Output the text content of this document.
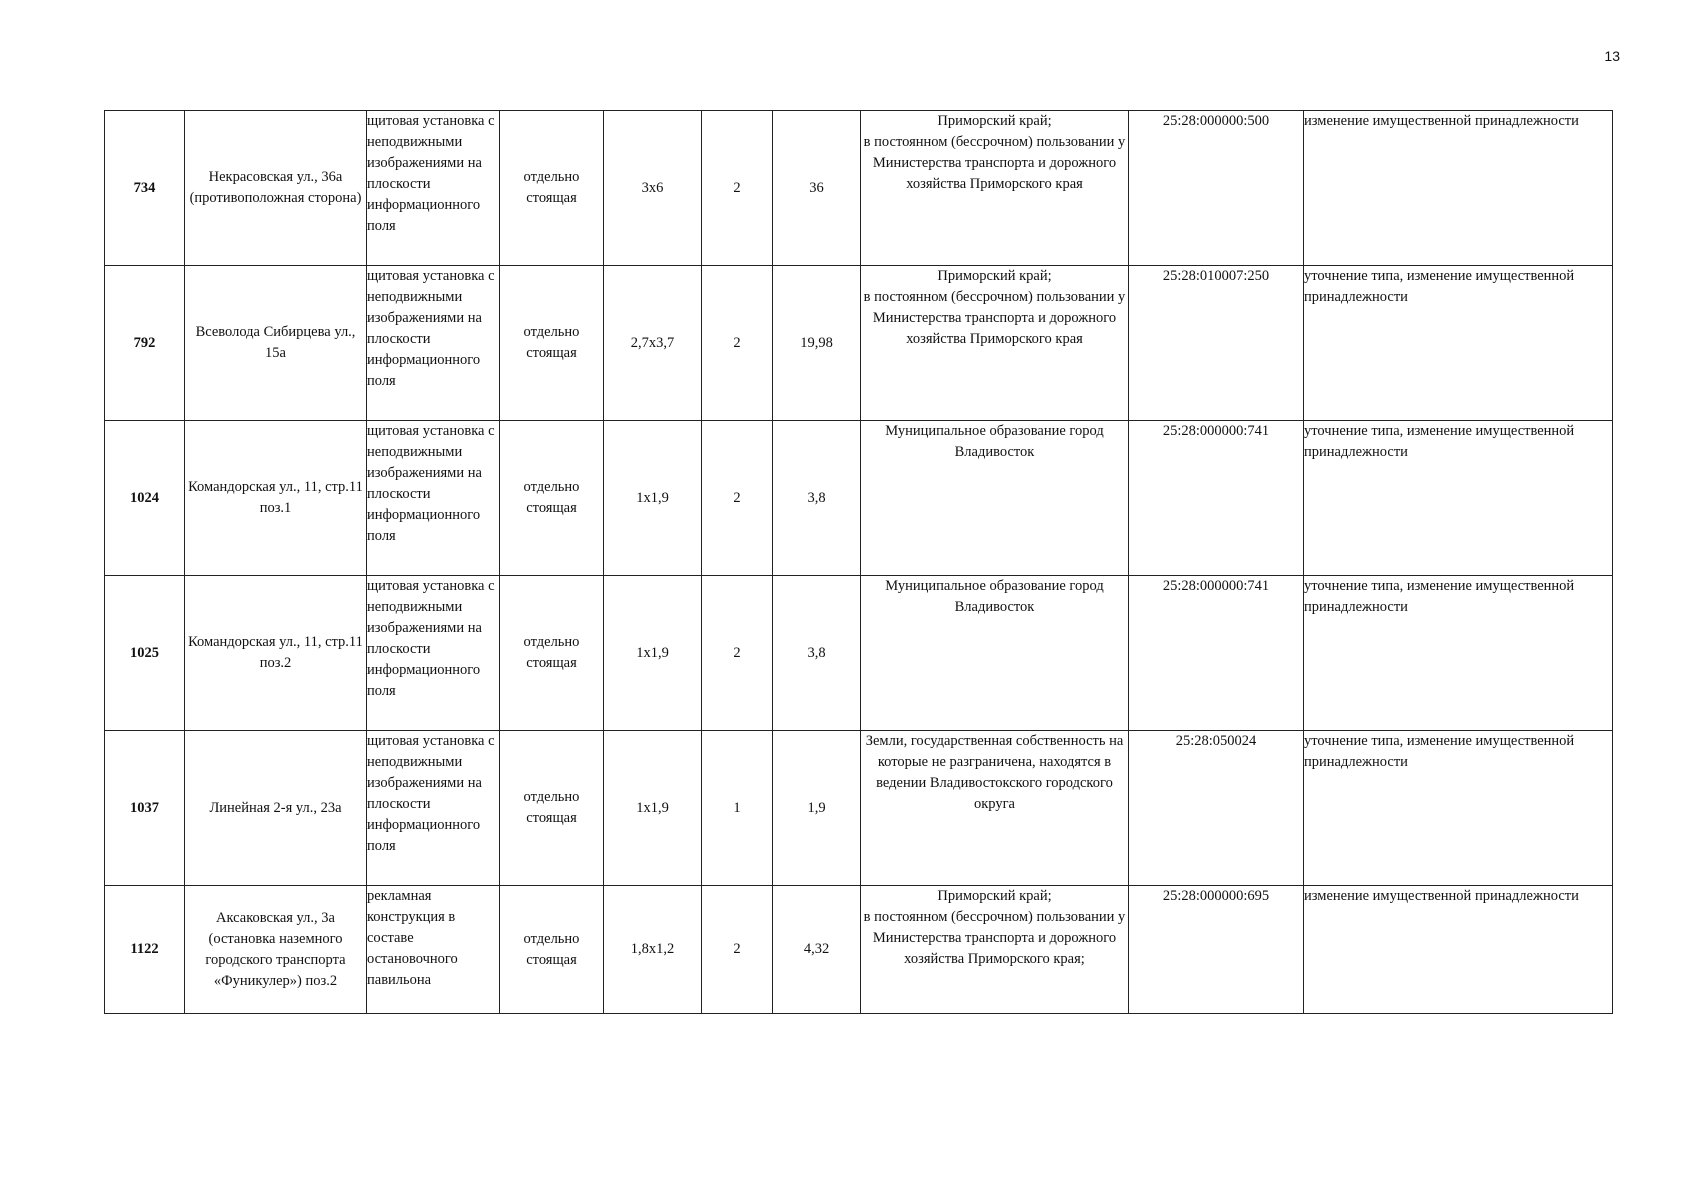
13
734	Некрасовская ул., 36а (противоположная сторона)	щитовая установка с неподвижными изображениями на плоскости информационного поля	отдельно стоящая	3х6	2	36	Приморский край;
в постоянном (бессрочном) пользовании у Министерства транспорта и дорожного хозяйства Приморского края	25:28:000000:500	изменение имущественной принадлежности
792	Всеволода Сибирцева ул., 15а	щитовая установка с неподвижными изображениями на плоскости информационного поля	отдельно стоящая	2,7х3,7	2	19,98	Приморский край;
в постоянном (бессрочном) пользовании у Министерства транспорта и дорожного хозяйства Приморского края	25:28:010007:250	уточнение типа, изменение имущественной принадлежности
1024	Командорская ул., 11, стр.11 поз.1	щитовая установка с неподвижными изображениями на плоскости информационного поля	отдельно стоящая	1х1,9	2	3,8	Муниципальное образование город Владивосток	25:28:000000:741	уточнение типа, изменение имущественной принадлежности
1025	Командорская ул., 11, стр.11 поз.2	щитовая установка с неподвижными изображениями на плоскости информационного поля	отдельно стоящая	1х1,9	2	3,8	Муниципальное образование город Владивосток	25:28:000000:741	уточнение типа, изменение имущественной принадлежности
1037	Линейная 2-я ул., 23а	щитовая установка с неподвижными изображениями на плоскости информационного поля	отдельно стоящая	1х1,9	1	1,9	Земли, государственная собственность на которые не разграничена, находятся в ведении Владивостокского городского округа	25:28:050024	уточнение типа, изменение имущественной принадлежности
1122	Аксаковская ул., 3а (остановка наземного городского транспорта «Фуникулер») поз.2	рекламная конструкция в составе остановочного павильона	отдельно стоящая	1,8х1,2	2	4,32	Приморский край;
в постоянном (бессрочном) пользовании у Министерства транспорта и дорожного хозяйства Приморского края;	25:28:000000:695	изменение имущественной принадлежности
